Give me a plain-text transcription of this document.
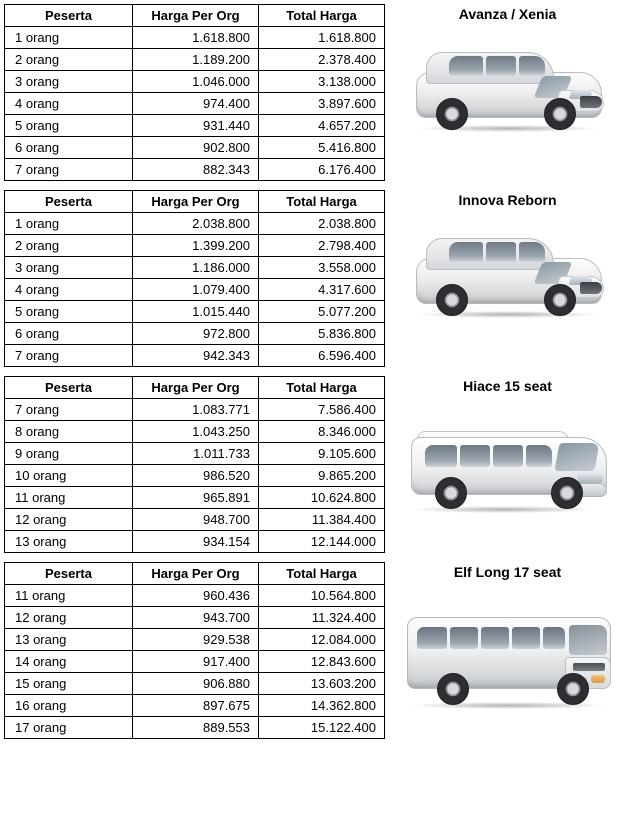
Peserta	Harga Per Org	Total Harga
1 orang	1.618.800	1.618.800
2 orang	1.189.200	2.378.400
3 orang	1.046.000	3.138.000
4 orang	974.400	3.897.600
5 orang	931.440	4.657.200
6 orang	902.800	5.416.800
7 orang	882.343	6.176.400
Avanza / Xenia
Peserta	Harga Per Org	Total Harga
1 orang	2.038.800	2.038.800
2 orang	1.399.200	2.798.400
3 orang	1.186.000	3.558.000
4 orang	1.079.400	4.317.600
5 orang	1.015.440	5.077.200
6 orang	972.800	5.836.800
7 orang	942.343	6.596.400
Innova Reborn
Peserta	Harga Per Org	Total Harga
7 orang	1.083.771	7.586.400
8 orang	1.043.250	8.346.000
9 orang	1.011.733	9.105.600
10 orang	986.520	9.865.200
11 orang	965.891	10.624.800
12 orang	948.700	11.384.400
13 orang	934.154	12.144.000
Hiace 15 seat
Peserta	Harga Per Org	Total Harga
11 orang	960.436	10.564.800
12 orang	943.700	11.324.400
13 orang	929.538	12.084.000
14 orang	917.400	12.843.600
15 orang	906.880	13.603.200
16 orang	897.675	14.362.800
17 orang	889.553	15.122.400
Elf Long 17 seat
